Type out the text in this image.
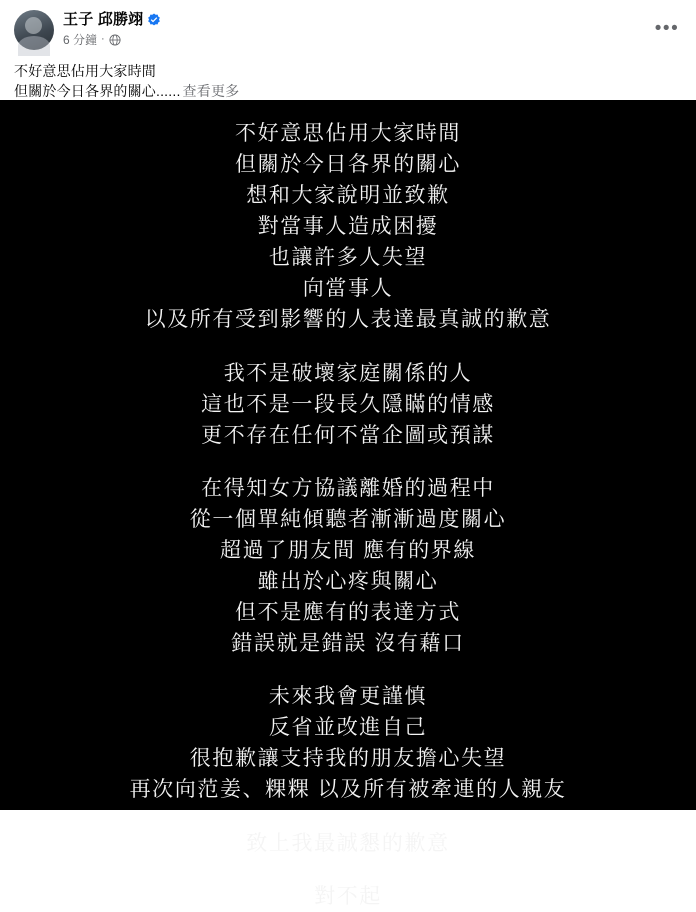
王子 邱勝翊
6 分鐘 ·
•••
不好意思佔用大家時間
但關於今日各界的關心...... 查看更多
不好意思佔用大家時間
但關於今日各界的關心
想和大家說明並致歉
對當事人造成困擾
也讓許多人失望
向當事人
以及所有受到影響的人表達最真誠的歉意
我不是破壞家庭關係的人
這也不是一段長久隱瞞的情感
更不存在任何不當企圖或預謀
在得知女方協議離婚的過程中
從一個單純傾聽者漸漸過度關心
超過了朋友間 應有的界線
雖出於心疼與關心
但不是應有的表達方式
錯誤就是錯誤 沒有藉口
未來我會更謹慎
反省並改進自己
很抱歉讓支持我的朋友擔心失望
再次向范姜、粿粿 以及所有被牽連的人親友
致上我最誠懇的歉意
對不起
